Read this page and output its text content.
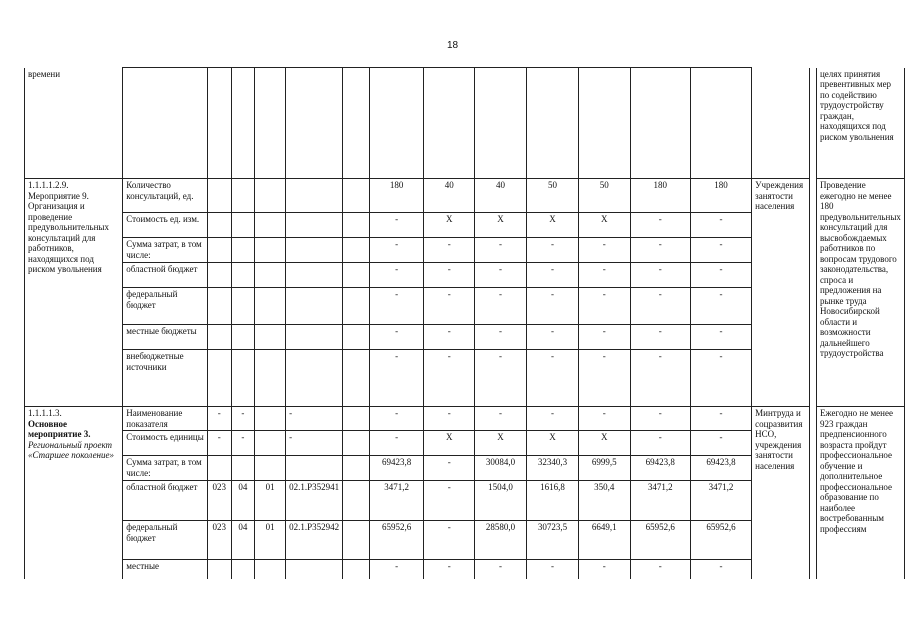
18
времени																целях принятия превентивных мер по содействию трудоустройству граждан, находящихся под риском увольнения

1.1.1.1.2.9.
Мероприятие 9. Организация и проведение предувольнительных консультаций для работников, находящихся под риском увольнения	Количество консультаций, ед.						180	40	40	50	50	180	180	Учреждения занятости населения		Проведение ежегодно не менее 180 предувольнительных консультаций для высвобождаемых работников по вопросам трудового законодательства, спроса и предложения на рынке труда Новосибирской области и возможности дальнейшего трудоустройства
	Стоимость ед. изм.						-	X	X	X	X	-	-			
	Сумма затрат, в том числе:						-	-	-	-	-	-	-			
	областной бюджет						-	-	-	-	-	-	-			
	федеральный бюджет						-	-	-	-	-	-	-			
	местные бюджеты						-	-	-	-	-	-	-			
	внебюджетные источники						-	-	-	-	-	-	-			

1.1.1.1.3.
Основное мероприятие 3.
Региональный проект «Старшее поколение»	Наименование показателя	-	-		-		-	-	-	-	-	-	-	Минтруда и соцразвития НСО, учреждения занятости населения		Ежегодно не менее 923 граждан предпенсионного возраста пройдут профессиональное обучение и дополнительное профессиональное образование по наиболее востребованным профессиям
	Стоимость единицы	-	-		-		-	X	X	X	X	-	-			
	Сумма затрат, в том числе:						69423,8	-	30084,0	32340,3	6999,5	69423,8	69423,8			
	областной бюджет	023	04	01	02.1.Р352941		3471,2	-	1504,0	1616,8	350,4	3471,2	3471,2			
	федеральный бюджет	023	04	01	02.1.Р352942		65952,6	-	28580,0	30723,5	6649,1	65952,6	65952,6			
	местные						-	-	-	-	-	-	-			
